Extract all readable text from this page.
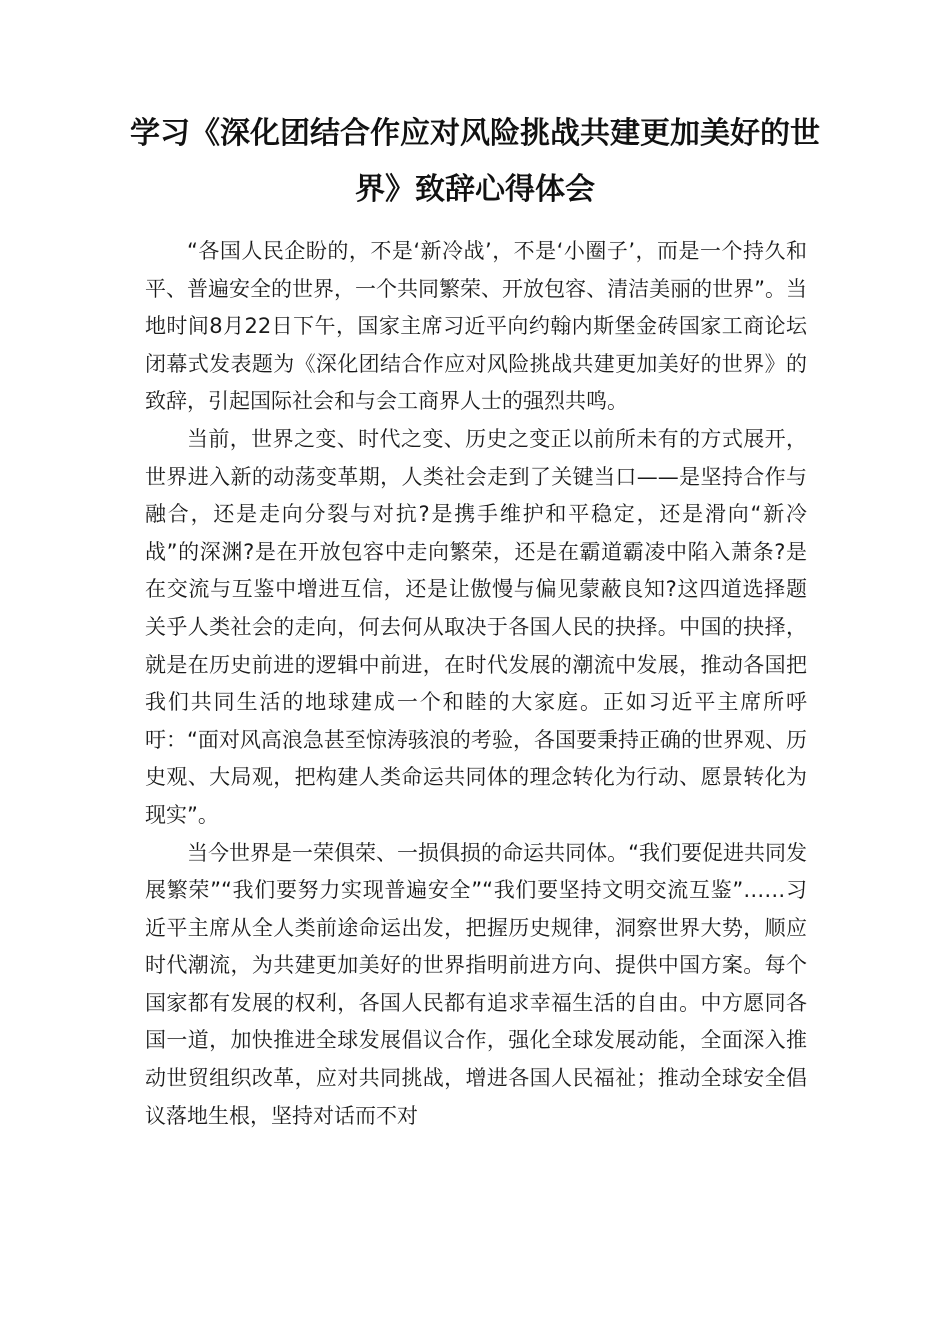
学习《深化团结合作应对风险挑战共建更加美好的世界》致辞心得体会

“各国人民企盼的，不是‘新冷战’，不是‘小圈子’，而是一个持久和平、普遍安全的世界，一个共同繁荣、开放包容、清洁美丽的世界”。当地时间8月22日下午，国家主席习近平向约翰内斯堡金砖国家工商论坛闭幕式发表题为《深化团结合作应对风险挑战共建更加美好的世界》的致辞，引起国际社会和与会工商界人士的强烈共鸣。

当前，世界之变、时代之变、历史之变正以前所未有的方式展开，世界进入新的动荡变革期，人类社会走到了关键当口——是坚持合作与融合，还是走向分裂与对抗?是携手维护和平稳定，还是滑向“新冷战”的深渊?是在开放包容中走向繁荣，还是在霸道霸凌中陷入萧条?是在交流与互鉴中增进互信，还是让傲慢与偏见蒙蔽良知?这四道选择题关乎人类社会的走向，何去何从取决于各国人民的抉择。中国的抉择，就是在历史前进的逻辑中前进，在时代发展的潮流中发展，推动各国把我们共同生活的地球建成一个和睦的大家庭。正如习近平主席所呼吁：“面对风高浪急甚至惊涛骇浪的考验，各国要秉持正确的世界观、历史观、大局观，把构建人类命运共同体的理念转化为行动、愿景转化为现实”。

当今世界是一荣俱荣、一损俱损的命运共同体。“我们要促进共同发展繁荣”“我们要努力实现普遍安全”“我们要坚持文明交流互鉴”……习近平主席从全人类前途命运出发，把握历史规律，洞察世界大势，顺应时代潮流，为共建更加美好的世界指明前进方向、提供中国方案。每个国家都有发展的权利，各国人民都有追求幸福生活的自由。中方愿同各国一道，加快推进全球发展倡议合作，强化全球发展动能，全面深入推动世贸组织改革，应对共同挑战，增进各国人民福祉；推动全球安全倡议落地生根，坚持对话而不对
